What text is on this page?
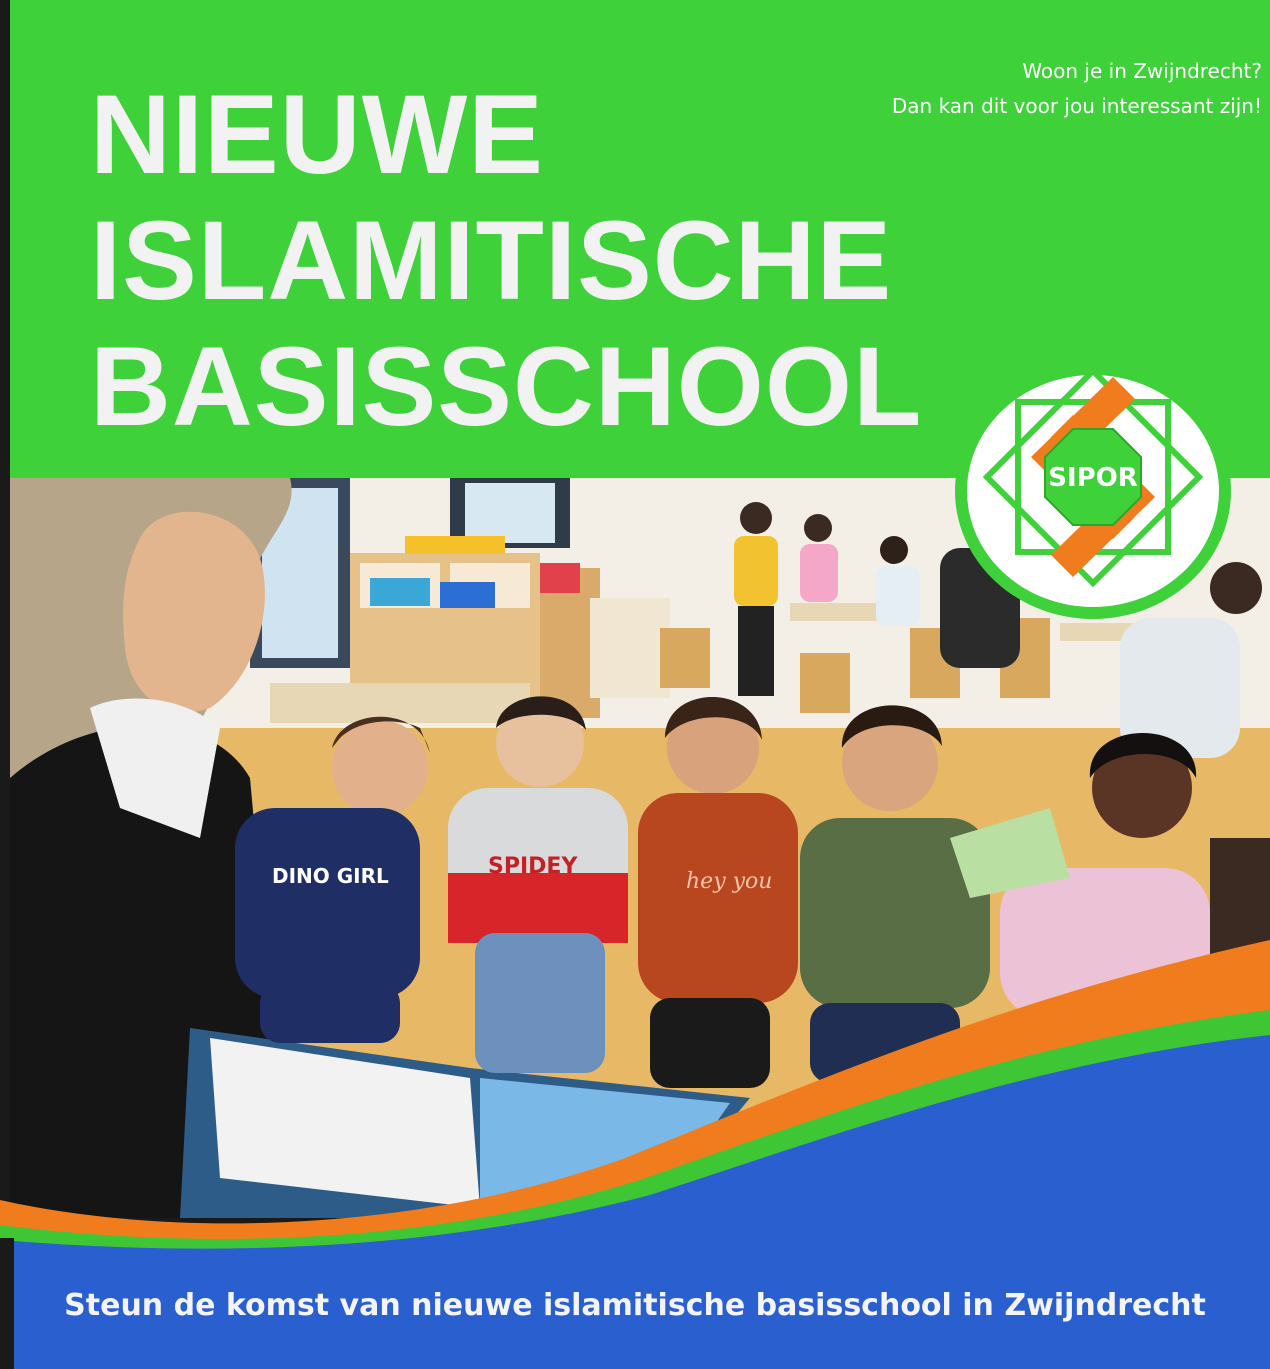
NIEUWE
ISLAMITISCHE
BASISSCHOOL
Woon je in Zwijndrecht?
Dan kan dit voor jou interessant zijn!
DINO GIRL	SPIDEY
hey you
Steun de komst van nieuwe islamitische basisschool in Zwijndrecht
SIPOR
